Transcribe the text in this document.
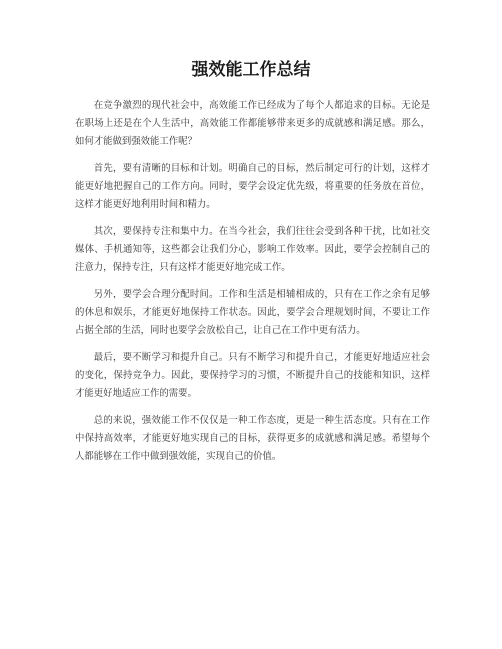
强效能工作总结

在竞争激烈的现代社会中，高效能工作已经成为了每个人都追求的目标。无论是在职场上还是在个人生活中，高效能工作都能够带来更多的成就感和满足感。那么，如何才能做到强效能工作呢？

首先，要有清晰的目标和计划。明确自己的目标，然后制定可行的计划，这样才能更好地把握自己的工作方向。同时，要学会设定优先级，将重要的任务放在首位，这样才能更好地利用时间和精力。

其次，要保持专注和集中力。在当今社会，我们往往会受到各种干扰，比如社交媒体、手机通知等，这些都会让我们分心，影响工作效率。因此，要学会控制自己的注意力，保持专注，只有这样才能更好地完成工作。

另外，要学会合理分配时间。工作和生活是相辅相成的，只有在工作之余有足够的休息和娱乐，才能更好地保持工作状态。因此，要学会合理规划时间，不要让工作占据全部的生活，同时也要学会放松自己，让自己在工作中更有活力。

最后，要不断学习和提升自己。只有不断学习和提升自己，才能更好地适应社会的变化，保持竞争力。因此，要保持学习的习惯，不断提升自己的技能和知识，这样才能更好地适应工作的需要。

总的来说，强效能工作不仅仅是一种工作态度，更是一种生活态度。只有在工作中保持高效率，才能更好地实现自己的目标，获得更多的成就感和满足感。希望每个人都能够在工作中做到强效能，实现自己的价值。
